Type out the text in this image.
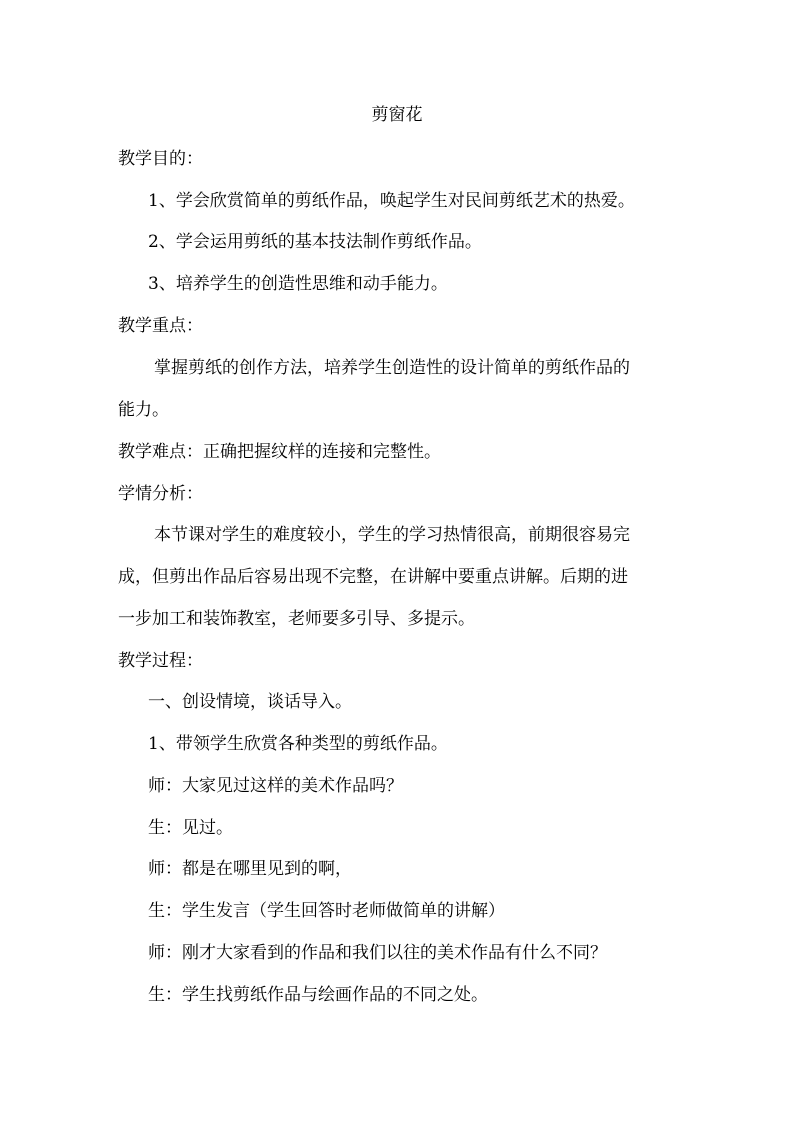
剪窗花
教学目的：
1、学会欣赏简单的剪纸作品，唤起学生对民间剪纸艺术的热爱。
2、学会运用剪纸的基本技法制作剪纸作品。
3、培养学生的创造性思维和动手能力。
教学重点：
掌握剪纸的创作方法，培养学生创造性的设计简单的剪纸作品的
能力。
教学难点：正确把握纹样的连接和完整性。
学情分析：
本节课对学生的难度较小，学生的学习热情很高，前期很容易完
成，但剪出作品后容易出现不完整，在讲解中要重点讲解。后期的进
一步加工和装饰教室，老师要多引导、多提示。
教学过程：
一、创设情境，谈话导入。
1、带领学生欣赏各种类型的剪纸作品。
师：大家见过这样的美术作品吗？
生：见过。
师：都是在哪里见到的啊，
生：学生发言（学生回答时老师做简单的讲解）
师：刚才大家看到的作品和我们以往的美术作品有什么不同？
生：学生找剪纸作品与绘画作品的不同之处。
